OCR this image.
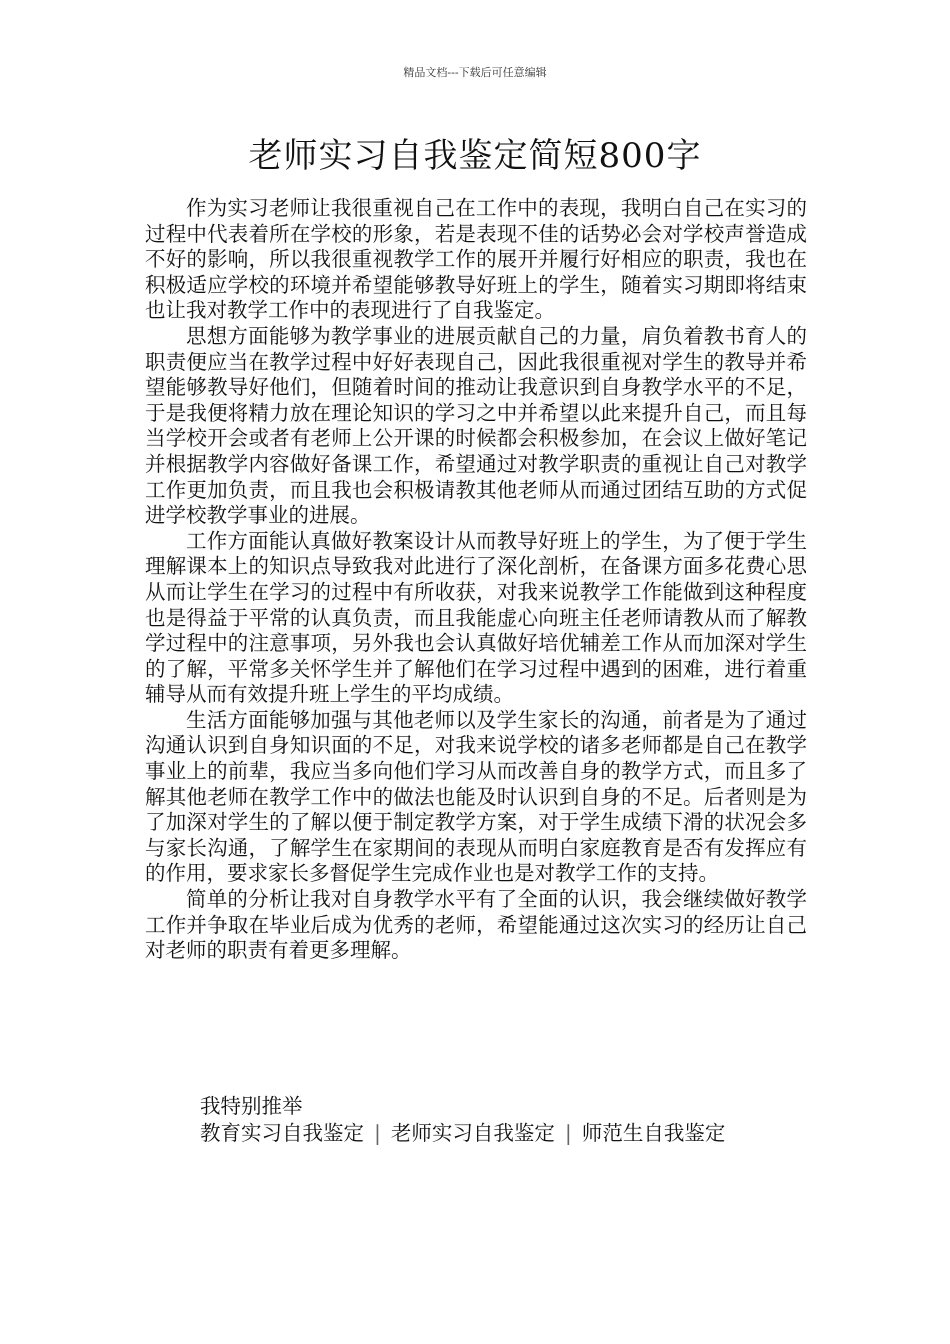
精品文档---下载后可任意编辑
老师实习自我鉴定简短800字

作为实习老师让我很重视自己在工作中的表现，我明白自己在实习的过程中代表着所在学校的形象，若是表现不佳的话势必会对学校声誉造成不好的影响，所以我很重视教学工作的展开并履行好相应的职责，我也在积极适应学校的环境并希望能够教导好班上的学生，随着实习期即将结束也让我对教学工作中的表现进行了自我鉴定。

思想方面能够为教学事业的进展贡献自己的力量，肩负着教书育人的职责便应当在教学过程中好好表现自己，因此我很重视对学生的教导并希望能够教导好他们，但随着时间的推动让我意识到自身教学水平的不足，于是我便将精力放在理论知识的学习之中并希望以此来提升自己，而且每当学校开会或者有老师上公开课的时候都会积极参加，在会议上做好笔记并根据教学内容做好备课工作，希望通过对教学职责的重视让自己对教学工作更加负责，而且我也会积极请教其他老师从而通过团结互助的方式促进学校教学事业的进展。

工作方面能认真做好教案设计从而教导好班上的学生，为了便于学生理解课本上的知识点导致我对此进行了深化剖析，在备课方面多花费心思从而让学生在学习的过程中有所收获，对我来说教学工作能做到这种程度也是得益于平常的认真负责，而且我能虚心向班主任老师请教从而了解教学过程中的注意事项，另外我也会认真做好培优辅差工作从而加深对学生的了解，平常多关怀学生并了解他们在学习过程中遇到的困难，进行着重辅导从而有效提升班上学生的平均成绩。

生活方面能够加强与其他老师以及学生家长的沟通，前者是为了通过沟通认识到自身知识面的不足，对我来说学校的诸多老师都是自己在教学事业上的前辈，我应当多向他们学习从而改善自身的教学方式，而且多了解其他老师在教学工作中的做法也能及时认识到自身的不足。后者则是为了加深对学生的了解以便于制定教学方案，对于学生成绩下滑的状况会多与家长沟通，了解学生在家期间的表现从而明白家庭教育是否有发挥应有的作用，要求家长多督促学生完成作业也是对教学工作的支持。

简单的分析让我对自身教学水平有了全面的认识，我会继续做好教学工作并争取在毕业后成为优秀的老师，希望能通过这次实习的经历让自己对老师的职责有着更多理解。

我特别推举
教育实习自我鉴定 | 老师实习自我鉴定 | 师范生自我鉴定
